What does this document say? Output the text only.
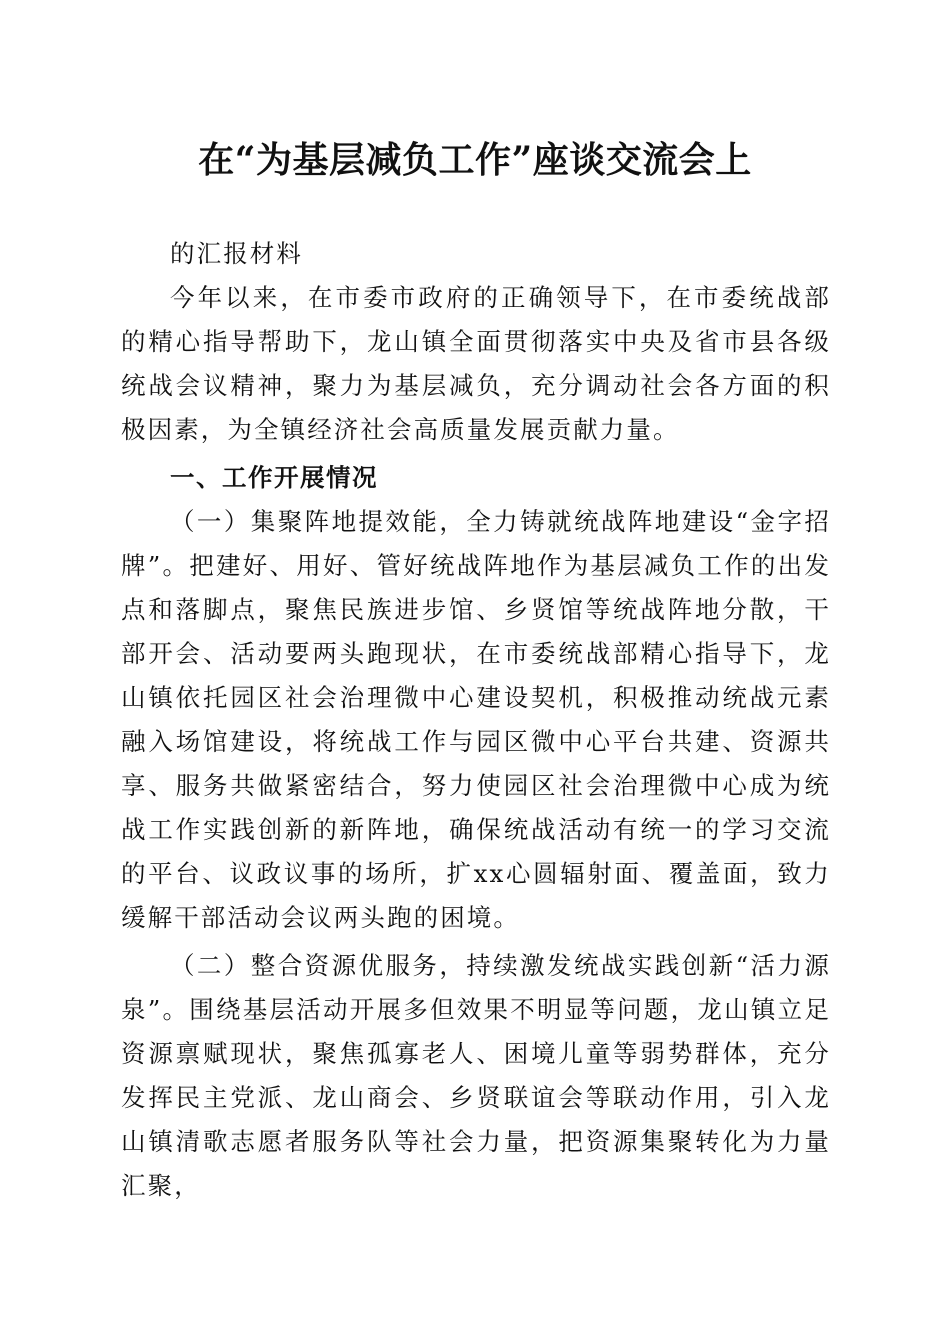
在“为基层减负工作”座谈交流会上
的汇报材料
今年以来，在市委市政府的正确领导下，在市委统战部的精心指导帮助下，龙山镇全面贯彻落实中央及省市县各级统战会议精神，聚力为基层减负，充分调动社会各方面的积极因素，为全镇经济社会高质量发展贡献力量。
一、工作开展情况
（一）集聚阵地提效能，全力铸就统战阵地建设“金字招牌”。把建好、用好、管好统战阵地作为基层减负工作的出发点和落脚点，聚焦民族进步馆、乡贤馆等统战阵地分散，干部开会、活动要两头跑现状，在市委统战部精心指导下，龙山镇依托园区社会治理微中心建设契机，积极推动统战元素融入场馆建设，将统战工作与园区微中心平台共建、资源共享、服务共做紧密结合，努力使园区社会治理微中心成为统战工作实践创新的新阵地，确保统战活动有统一的学习交流的平台、议政议事的场所，扩xx心圆辐射面、覆盖面，致力缓解干部活动会议两头跑的困境。
（二）整合资源优服务，持续激发统战实践创新“活力源泉”。围绕基层活动开展多但效果不明显等问题，龙山镇立足资源禀赋现状，聚焦孤寡老人、困境儿童等弱势群体，充分发挥民主党派、龙山商会、乡贤联谊会等联动作用，引入龙山镇清歌志愿者服务队等社会力量，把资源集聚转化为力量汇聚，
